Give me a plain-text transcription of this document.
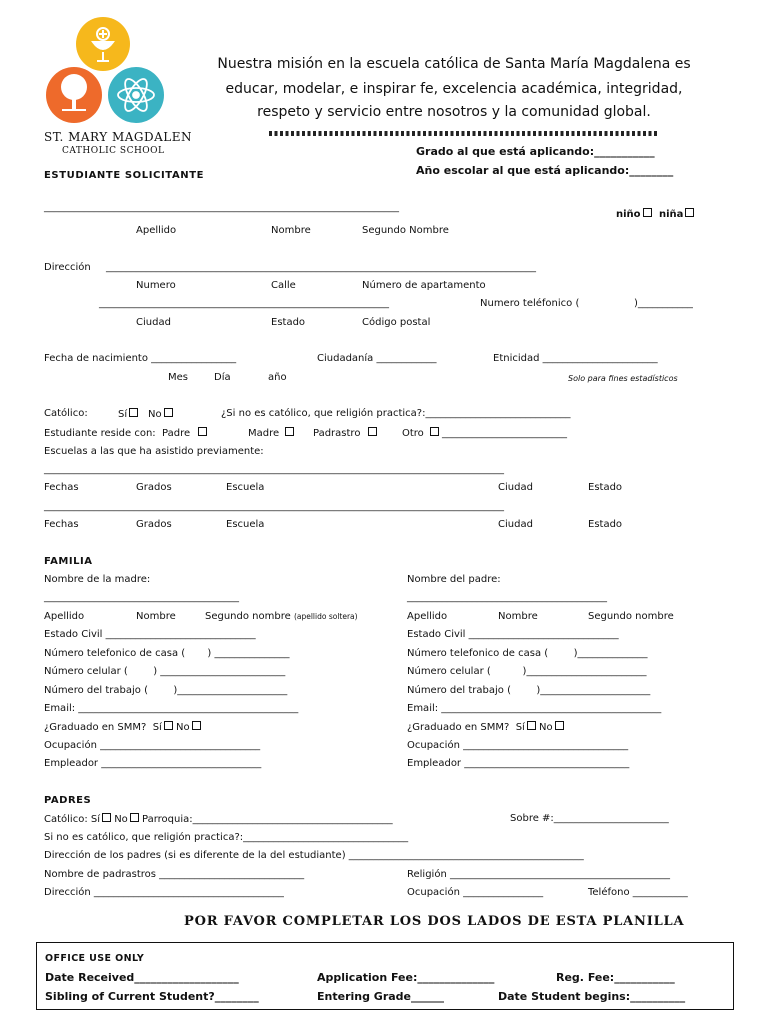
ST. MARY MAGDALEN
CATHOLIC SCHOOL
Nuestra misión en la escuela católica de Santa María Magdalena es
educar, modelar, e inspirar fe, excelencia académica, integridad,
respeto y servicio entre nosotros y la comunidad global.
Grado al que está aplicando:___________
Año escolar al que está aplicando:________
ESTUDIANTE SOLICITANTE
_______________________________________________________________________
niño	niña
Apellido	Nombre	Segundo Nombre
Dirección ______________________________________________________________________________________
Numero	Calle	Número de apartamento
__________________________________________________________	Numero teléfonico (	)___________
Ciudad	Estado	Código postal
Fecha de nacimiento _________________	Ciudadanía ____________	Etnicidad _______________________
Mes	Día	año	Solo para fines estadísticos
Católico:	Sí	No	¿Si no es católico, que religión practica?:_____________________________
Estudiante reside con:  Padre	Madre	Padrastro	Otro _________________________
Escuelas a las que ha asistido previamente:
____________________________________________________________________________________________
Fechas	Grados	Escuela	Ciudad	Estado
____________________________________________________________________________________________
Fechas	Grados	Escuela	Ciudad	Estado
FAMILIA
Nombre de la madre:	Nombre del padre:
_______________________________________	________________________________________
Apellido	Nombre	Segundo nombre (apellido soltera)	Apellido	Nombre	Segundo nombre
Estado Civil ______________________________	Estado Civil ______________________________
Número telefonico de casa (       ) _______________	Número telefonico de casa (        )______________
Número celular (        ) _________________________	Número celular (          )________________________
Número del trabajo (        )______________________	Número del trabajo (        )______________________
Email: ____________________________________________	Email: ____________________________________________
¿Graduado en SMM?  Sí No	¿Graduado en SMM?  Sí No
Ocupación ________________________________	Ocupación _________________________________
Empleador ________________________________	Empleador _________________________________
PADRES
Católico: Sí No Parroquia:________________________________________	Sobre #:_______________________
Si no es católico, que religión practica?:_________________________________
Dirección de los padres (si es diferente de la del estudiante) _______________________________________________
Nombre de padrastros _____________________________	Religión ____________________________________________
Dirección ______________________________________	Ocupación ________________	Teléfono ___________
POR FAVOR COMPLETAR LOS DOS LADOS DE ESTA PLANILLA
OFFICE USE ONLY
Date Received___________________	Application Fee:______________	Reg. Fee:___________
Sibling of Current Student?________	Entering Grade______	Date Student begins:__________
